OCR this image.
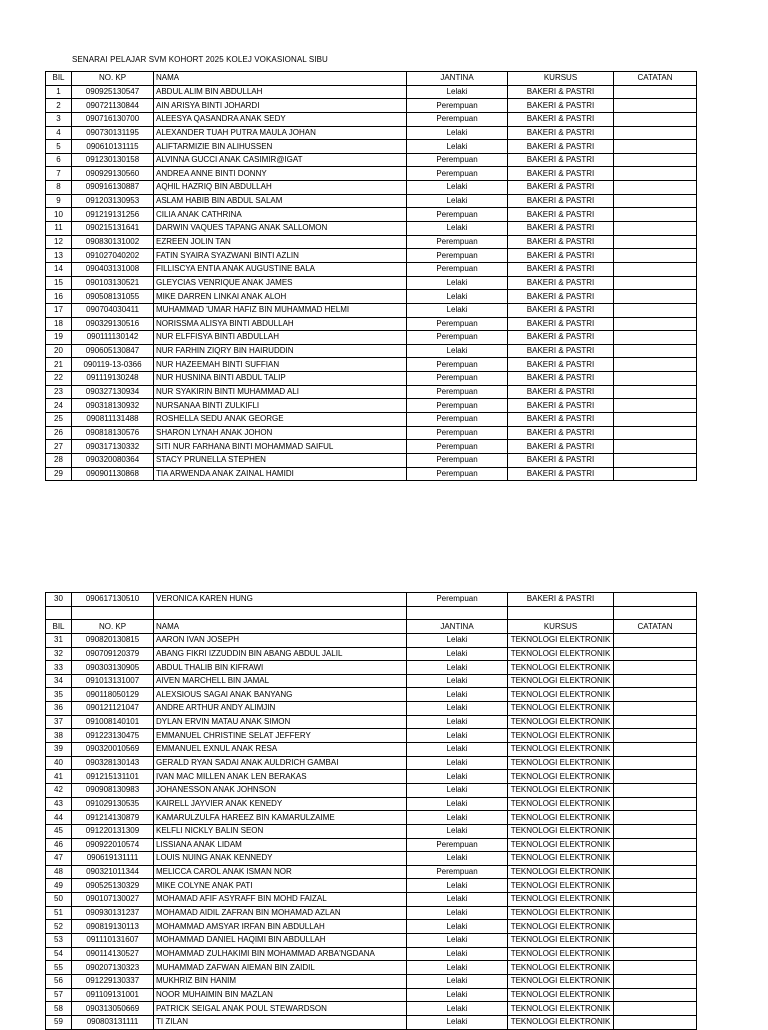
SENARAI PELAJAR SVM KOHORT 2025 KOLEJ VOKASIONAL SIBU
BIL	NO. KP	NAMA	JANTINA	KURSUS	CATATAN
1	090925130547	ABDUL ALIM BIN ABDULLAH	Lelaki	BAKERI & PASTRI	
2	090721130844	AIN ARISYA BINTI JOHARDI	Perempuan	BAKERI & PASTRI	
3	090716130700	ALEESYA QASANDRA ANAK SEDY	Perempuan	BAKERI & PASTRI	
4	090730131195	ALEXANDER TUAH PUTRA MAULA JOHAN	Lelaki	BAKERI & PASTRI	
5	090610131115	ALIFTARMIZIE BIN ALIHUSSEN	Lelaki	BAKERI & PASTRI	
6	091230130158	ALVINNA GUCCI ANAK CASIMIR@IGAT	Perempuan	BAKERI & PASTRI	
7	090929130560	ANDREA ANNE BINTI DONNY	Perempuan	BAKERI & PASTRI	
8	090916130887	AQHIL HAZRIQ BIN ABDULLAH	Lelaki	BAKERI & PASTRI	
9	091203130953	ASLAM HABIB BIN ABDUL SALAM	Lelaki	BAKERI & PASTRI	
10	091219131256	CILIA ANAK CATHRINA	Perempuan	BAKERI & PASTRI	
11	090215131641	DARWIN VAQUES TAPANG ANAK SALLOMON	Lelaki	BAKERI & PASTRI	
12	090830131002	EZREEN JOLIN TAN	Perempuan	BAKERI & PASTRI	
13	091027040202	FATIN SYAIRA SYAZWANI BINTI AZLIN	Perempuan	BAKERI & PASTRI	
14	090403131008	FILLISCYA ENTIA ANAK AUGUSTINE BALA	Perempuan	BAKERI & PASTRI	
15	090103130521	GLEYCIAS VENRIQUE ANAK JAMES	Lelaki	BAKERI & PASTRI	
16	090508131055	MIKE DARREN LINKAI ANAK ALOH	Lelaki	BAKERI & PASTRI	
17	090704030411	MUHAMMAD 'UMAR HAFIZ BIN MUHAMMAD HELMI	Lelaki	BAKERI & PASTRI	
18	090329130516	NORISSMA ALISYA BINTI ABDULLAH	Perempuan	BAKERI & PASTRI	
19	090111130142	NUR ELFFISYA BINTI ABDULLAH	Perempuan	BAKERI & PASTRI	
20	090605130847	NUR FARHIN ZIQRY BIN HAIRUDDIN	Lelaki	BAKERI & PASTRI	
21	090119-13-0366	NUR HAZEEMAH BINTI SUFFIAN	Perempuan	BAKERI & PASTRI	
22	091119130248	NUR HUSNINA BINTI ABDUL TALIP	Perempuan	BAKERI & PASTRI	
23	090327130934	NUR SYAKIRIN BINTI MUHAMMAD ALI	Perempuan	BAKERI & PASTRI	
24	090318130932	NURSANAA BINTI ZULKIFLI	Perempuan	BAKERI & PASTRI	
25	090811131488	ROSHELLA SEDU ANAK GEORGE	Perempuan	BAKERI & PASTRI	
26	090818130576	SHARON LYNAH ANAK JOHON	Perempuan	BAKERI & PASTRI	
27	090317130332	SITI NUR FARHANA BINTI MOHAMMAD SAIFUL	Perempuan	BAKERI & PASTRI	
28	090320080364	STACY PRUNELLA STEPHEN	Perempuan	BAKERI & PASTRI	
29	090901130868	TIA ARWENDA ANAK ZAINAL HAMIDI	Perempuan	BAKERI & PASTRI	
30	090617130510	VERONICA KAREN HUNG	Perempuan	BAKERI & PASTRI	

BIL	NO. KP	NAMA	JANTINA	KURSUS	CATATAN
31	090820130815	AARON IVAN JOSEPH	Lelaki	TEKNOLOGI ELEKTRONIK	
32	090709120379	ABANG FIKRI IZZUDDIN BIN ABANG ABDUL JALIL	Lelaki	TEKNOLOGI ELEKTRONIK	
33	090303130905	ABDUL THALIB BIN KIFRAWI	Lelaki	TEKNOLOGI ELEKTRONIK	
34	091013131007	AIVEN MARCHELL BIN JAMAL	Lelaki	TEKNOLOGI ELEKTRONIK	
35	090118050129	ALEXSIOUS SAGAI ANAK BANYANG	Lelaki	TEKNOLOGI ELEKTRONIK	
36	090121121047	ANDRE ARTHUR ANDY ALIMJIN	Lelaki	TEKNOLOGI ELEKTRONIK	
37	091008140101	DYLAN ERVIN MATAU ANAK SIMON	Lelaki	TEKNOLOGI ELEKTRONIK	
38	091223130475	EMMANUEL CHRISTINE SELAT JEFFERY	Lelaki	TEKNOLOGI ELEKTRONIK	
39	090320010569	EMMANUEL EXNUL ANAK RESA	Lelaki	TEKNOLOGI ELEKTRONIK	
40	090328130143	GERALD RYAN SADAI ANAK AULDRICH GAMBAI	Lelaki	TEKNOLOGI ELEKTRONIK	
41	091215131101	IVAN MAC MILLEN ANAK LEN BERAKAS	Lelaki	TEKNOLOGI ELEKTRONIK	
42	090908130983	JOHANESSON ANAK JOHNSON	Lelaki	TEKNOLOGI ELEKTRONIK	
43	091029130535	KAIRELL JAYVIER ANAK KENEDY	Lelaki	TEKNOLOGI ELEKTRONIK	
44	091214130879	KAMARULZULFA HAREEZ BIN KAMARULZAIME	Lelaki	TEKNOLOGI ELEKTRONIK	
45	091220131309	KELFLI NICKLY BALIN SEON	Lelaki	TEKNOLOGI ELEKTRONIK	
46	090922010574	LISSIANA ANAK LIDAM	Perempuan	TEKNOLOGI ELEKTRONIK	
47	090619131111	LOUIS NUING ANAK KENNEDY	Lelaki	TEKNOLOGI ELEKTRONIK	
48	090321011344	MELICCA CAROL ANAK ISMAN NOR	Perempuan	TEKNOLOGI ELEKTRONIK	
49	090525130329	MIKE COLYNE ANAK PATI	Lelaki	TEKNOLOGI ELEKTRONIK	
50	090107130027	MOHAMAD AFIF ASYRAFF BIN MOHD FAIZAL	Lelaki	TEKNOLOGI ELEKTRONIK	
51	090930131237	MOHAMAD AIDIL ZAFRAN BIN MOHAMAD AZLAN	Lelaki	TEKNOLOGI ELEKTRONIK	
52	090819130113	MOHAMMAD AMSYAR IRFAN BIN ABDULLAH	Lelaki	TEKNOLOGI ELEKTRONIK	
53	091110131607	MOHAMMAD DANIEL HAQIMI BIN ABDULLAH	Lelaki	TEKNOLOGI ELEKTRONIK	
54	090114130527	MOHAMMAD ZULHAKIMI BIN MOHAMMAD ARBA'NGDANA	Lelaki	TEKNOLOGI ELEKTRONIK	
55	090207130323	MUHAMMAD ZAFWAN AIEMAN BIN ZAIDIL	Lelaki	TEKNOLOGI ELEKTRONIK	
56	091229130337	MUKHRIZ BIN HANIM	Lelaki	TEKNOLOGI ELEKTRONIK	
57	091109131001	NOOR MUHAIMIN BIN MAZLAN	Lelaki	TEKNOLOGI ELEKTRONIK	
58	090313050669	PATRICK SEIGAL ANAK POUL STEWARDSON	Lelaki	TEKNOLOGI ELEKTRONIK	
59	090803131111	TI ZILAN	Lelaki	TEKNOLOGI ELEKTRONIK	
